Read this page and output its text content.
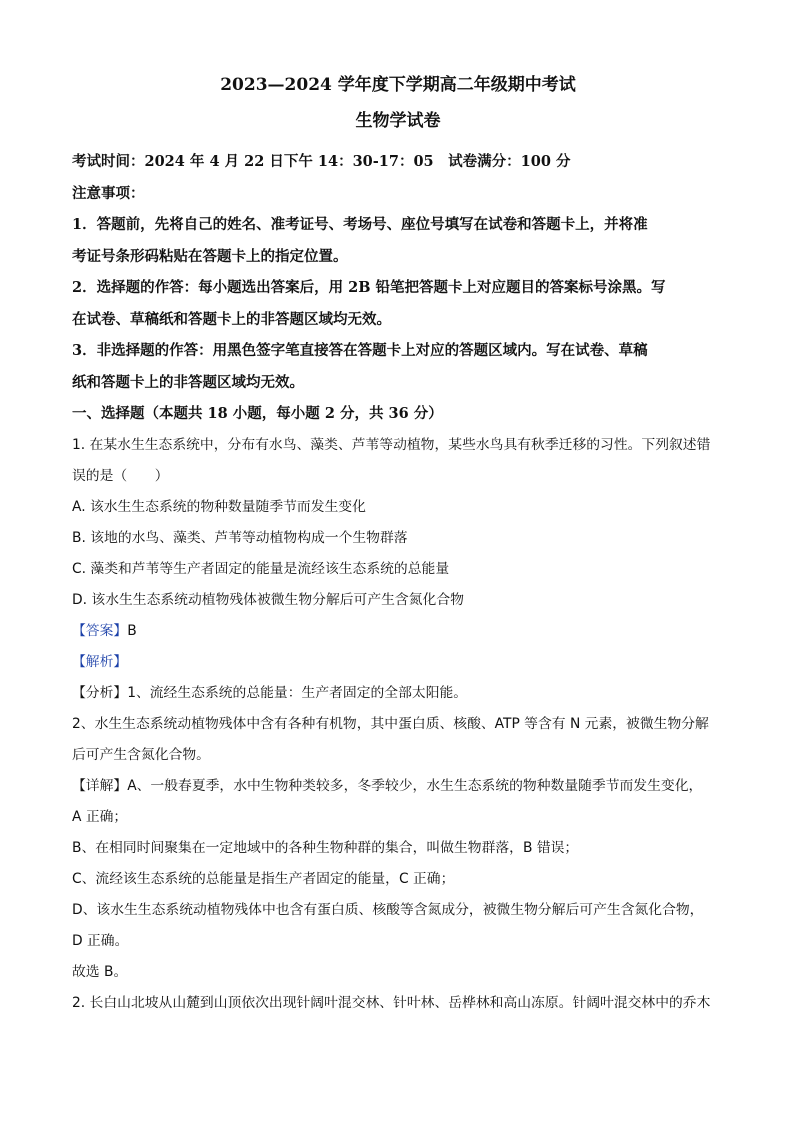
2023—2024 学年度下学期高二年级期中考试

生物学试卷

考试时间：2024 年 4 月 22 日下午 14：30-17：05　试卷满分：100 分

注意事项：

1．答题前，先将自己的姓名、准考证号、考场号、座位号填写在试卷和答题卡上，并将准

考证号条形码粘贴在答题卡上的指定位置。

2．选择题的作答：每小题选出答案后，用 2B 铅笔把答题卡上对应题目的答案标号涂黑。写

在试卷、草稿纸和答题卡上的非答题区域均无效。

3．非选择题的作答：用黑色签字笔直接答在答题卡上对应的答题区域内。写在试卷、草稿

纸和答题卡上的非答题区域均无效。

一、选择题（本题共 18 小题，每小题 2 分，共 36 分）

1. 在某水生生态系统中，分布有水鸟、藻类、芦苇等动植物，某些水鸟具有秋季迁移的习性。下列叙述错

误的是（　　）

A. 该水生生态系统的物种数量随季节而发生变化

B. 该地的水鸟、藻类、芦苇等动植物构成一个生物群落

C. 藻类和芦苇等生产者固定的能量是流经该生态系统的总能量

D. 该水生生态系统动植物残体被微生物分解后可产生含氮化合物

【答案】B

【解析】

【分析】1、流经生态系统的总能量：生产者固定的全部太阳能。

2、水生生态系统动植物残体中含有各种有机物，其中蛋白质、核酸、ATP 等含有 N 元素，被微生物分解

后可产生含氮化合物。

【详解】A、一般春夏季，水中生物种类较多，冬季较少，水生生态系统的物种数量随季节而发生变化，

A 正确；

B、在相同时间聚集在一定地域中的各种生物种群的集合，叫做生物群落，B 错误；

C、流经该生态系统的总能量是指生产者固定的能量，C 正确；

D、该水生生态系统动植物残体中也含有蛋白质、核酸等含氮成分，被微生物分解后可产生含氮化合物，

D 正确。

故选 B。

2. 长白山北坡从山麓到山顶依次出现针阔叶混交林、针叶林、岳桦林和高山冻原。针阔叶混交林中的乔木
